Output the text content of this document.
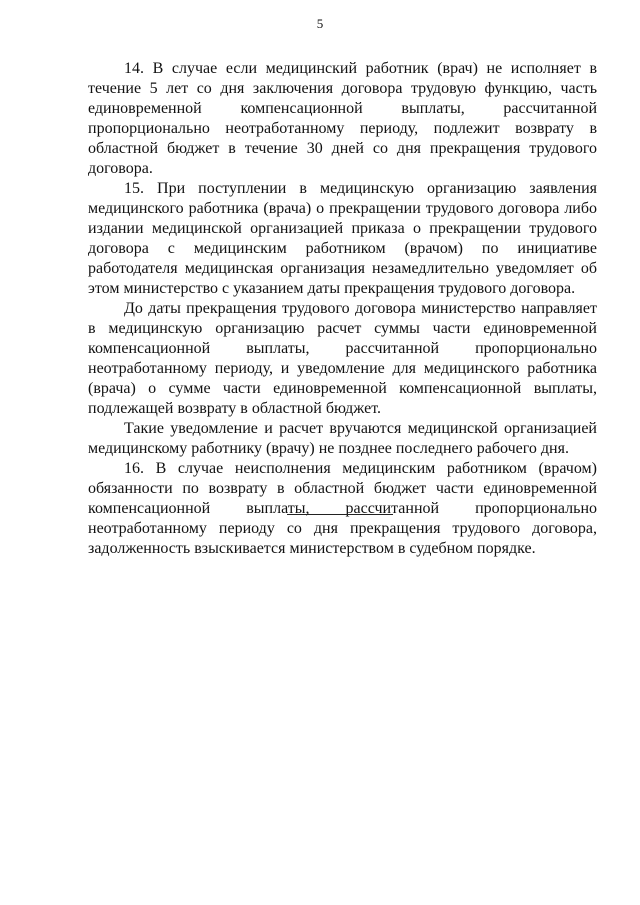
5

14. В случае если медицинский работник (врач) не исполняет в течение 5 лет со дня заключения договора трудовую функцию, часть единовременной компенсационной выплаты, рассчитанной пропорционально неотработанному периоду, подлежит возврату в областной бюджет в течение 30 дней со дня прекращения трудового договора.

15. При поступлении в медицинскую организацию заявления медицинского работника (врача) о прекращении трудового договора либо издании медицинской организацией приказа о прекращении трудового договора с медицинским работником (врачом) по инициативе работодателя медицинская организация незамедлительно уведомляет об этом министерство с указанием даты прекращения трудового договора.

До даты прекращения трудового договора министерство направляет в медицинскую организацию расчет суммы части единовременной компенсационной выплаты, рассчитанной пропорционально неотработанному периоду, и уведомление для медицинского работника (врача) о сумме части единовременной компенсационной выплаты, подлежащей возврату в областной бюджет.

Такие уведомление и расчет вручаются медицинской организацией медицинскому работнику (врачу) не позднее последнего рабочего дня.

16. В случае неисполнения медицинским работником (врачом) обязанности по возврату в областной бюджет части единовременной компенсационной выплаты, рассчитанной пропорционально неотработанному периоду со дня прекращения трудового договора, задолженность взыскивается министерством в судебном порядке.
